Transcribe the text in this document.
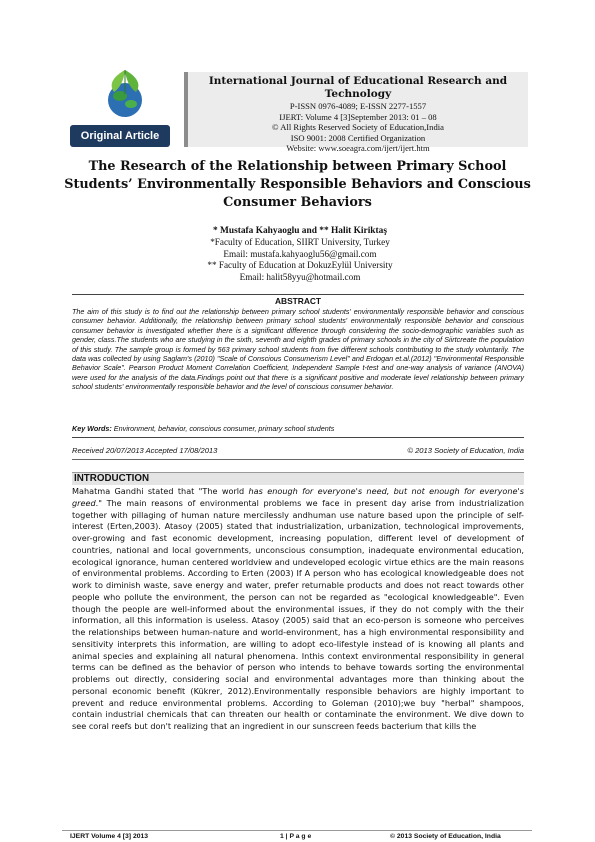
Original Article
International Journal of Educational Research and Technology
P-ISSN 0976-4089; E-ISSN 2277-1557
IJERT: Volume 4 [3]September 2013: 01 – 08
© All Rights Reserved Society of Education,India
ISO 9001: 2008 Certified Organization
Website: www.soeagra.com/ijert/ijert.htm
The Research of the Relationship between Primary School
Students’ Environmentally Responsible Behaviors and Conscious
Consumer Behaviors
* Mustafa Kahyaoglu and ** Halit Kiriktaş
*Faculty of Education, SIIRT University, Turkey
Email: mustafa.kahyaoglu56@gmail.com
** Faculty of Education at DokuzEylül University
Email: halit58yyu@hotmail.com
ABSTRACT

The aim of this study is to find out the relationship between primary school students' environmentally responsible behavior and conscious consumer behavior. Additionally, the relationship between primary school students' environmentally responsible behavior and conscious consumer behavior is investigated whether there is a significant difference through considering the socio-demographic variables such as gender, class.The students who are studying in the sixth, seventh and eighth grades of primary schools in the city of Siirtcreate the population of this study. The sample group is formed by 563 primary school students from five different schools contributing to the study voluntarily. The data was collected by using Saglam's (2010) "Scale of Conscious Consumerism Level" and Erdogan et.al.(2012) "Environmental Responsible Behavior Scale". Pearson Product Moment Correlation Coefficient, Independent Sample t-test and one-way analysis of variance (ANOVA) were used for the analysis of the data.Findings point out that there is a significant positive and moderate level relationship between primary school students' environmentally responsible behavior and the level of conscious consumer behavior.

Key Words: Environment, behavior, conscious consumer, primary school students
Received 20/07/2013 Accepted 17/08/2013	© 2013 Society of Education, India
INTRODUCTION

Mahatma Gandhi stated that "The world has enough for everyone's need, but not enough for everyone's greed." The main reasons of environmental problems we face in present day arise from industrialization together with pillaging of human nature mercilessly andhuman use nature based upon the principle of self-interest (Erten,2003). Atasoy (2005) stated that industrialization, urbanization, technological improvements, over-growing and fast economic development, increasing population, different level of development of countries, national and local governments, unconscious consumption, inadequate environmental education, ecological ignorance, human centered worldview and undeveloped ecologic virtue ethics are the main reasons of environmental problems. According to Erten (2003) If A person who has ecological knowledgeable does not work to diminish waste, save energy and water, prefer returnable products and does not react towards other people who pollute the environment, the person can not be regarded as "ecological knowledgeable". Even though the people are well-informed about the environmental issues, if they do not comply with the their information, all this information is useless. Atasoy (2005) said that an eco-person is someone who perceives the relationships between human-nature and world-environment, has a high environmental responsibility and sensitivity interprets this information, are willing to adopt eco-lifestyle instead of is knowing all plants and animal species and explaining all natural phenomena. Inthis context environmental responsibility in general terms can be defined as the behavior of person who intends to behave towards sorting the environmental problems out directly, considering social and environmental advantages more than thinking about the personal economic benefit (Kükrer, 2012).Environmentally responsible behaviors are highly important to prevent and reduce environmental problems. According to Goleman (2010);we buy "herbal" shampoos, contain industrial chemicals that can threaten our health or contaminate the environment. We dive down to see coral reefs but don't realizing that an ingredient in our sunscreen feeds bacterium that kills the

IJERT Volume 4 [3] 2013	1 | P a g e	© 2013 Society of Education, India
